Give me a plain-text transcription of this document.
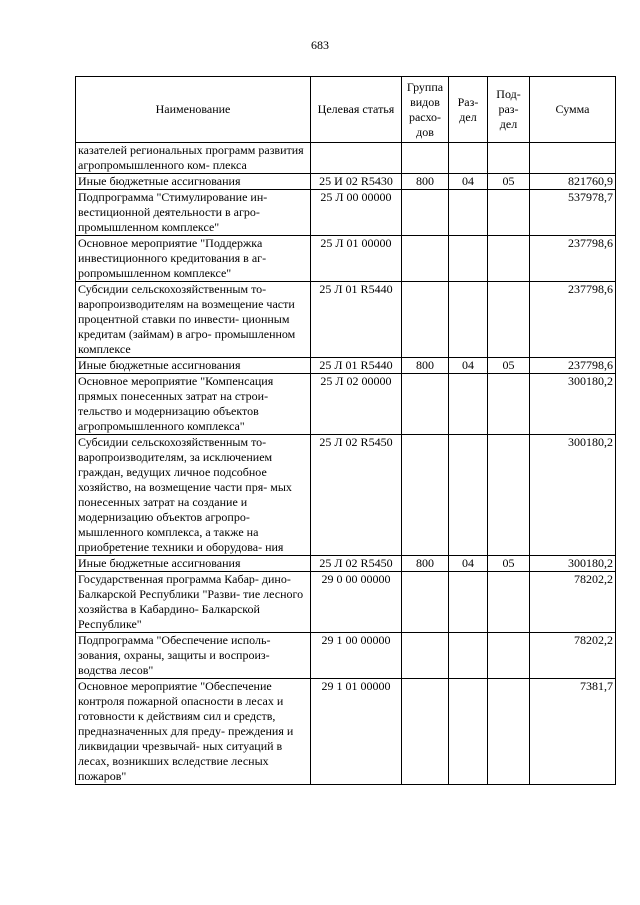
683
Наименование	Целевая статья	Группа видов расхо- дов	Раз- дел	Под- раз- дел	Сумма
казателей региональных программ развития агропромышленного ком- плекса					
Иные бюджетные ассигнования	25 И 02 R5430	800	04	05	821760,9
Подпрограмма "Стимулирование ин- вестиционной деятельности в агро- промышленном комплексе"	25 Л 00 00000				537978,7
Основное мероприятие "Поддержка инвестиционного кредитования в аг- ропромышленном комплексе"	25 Л 01 00000				237798,6
Субсидии сельскохозяйственным то- варопроизводителям на возмещение части процентной ставки по инвести- ционным кредитам (займам) в агро- промышленном комплексе	25 Л 01 R5440				237798,6
Иные бюджетные ассигнования	25 Л 01 R5440	800	04	05	237798,6
Основное мероприятие "Компенсация прямых понесенных затрат на строи- тельство и модернизацию объектов агропромышленного комплекса"	25 Л 02 00000				300180,2
Субсидии сельскохозяйственным то- варопроизводителям, за исключением граждан, ведущих личное подсобное хозяйство, на возмещение части пря- мых понесенных затрат на создание и модернизацию объектов агропро- мышленного комплекса, а также на приобретение техники и оборудова- ния	25 Л 02 R5450				300180,2
Иные бюджетные ассигнования	25 Л 02 R5450	800	04	05	300180,2
Государственная программа Кабар- дино-Балкарской Республики "Разви- тие лесного хозяйства в Кабардино- Балкарской Республике"	29 0 00 00000				78202,2
Подпрограмма "Обеспечение исполь- зования, охраны, защиты и воспроиз- водства лесов"	29 1 00 00000				78202,2
Основное мероприятие "Обеспечение контроля пожарной опасности в лесах и готовности к действиям сил и средств, предназначенных для преду- преждения и ликвидации чрезвычай- ных ситуаций в лесах, возникших вследствие лесных пожаров"	29 1 01 00000				7381,7
